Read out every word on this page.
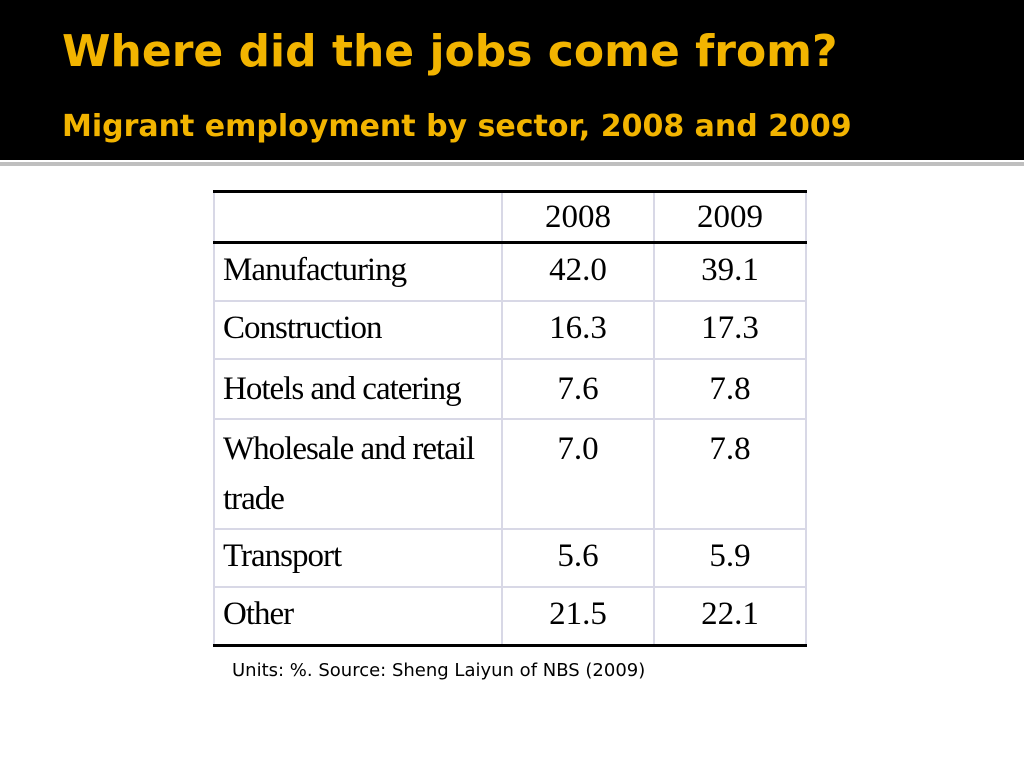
Where did the jobs come from?
Migrant employment by sector, 2008 and 2009
	2008	2009
Manufacturing	42.0	39.1
Construction	16.3	17.3
Hotels and catering	7.6	7.8
Wholesale and retail trade	7.0	7.8
Transport	5.6	5.9
Other	21.5	22.1

Units: %. Source: Sheng Laiyun of NBS (2009)
